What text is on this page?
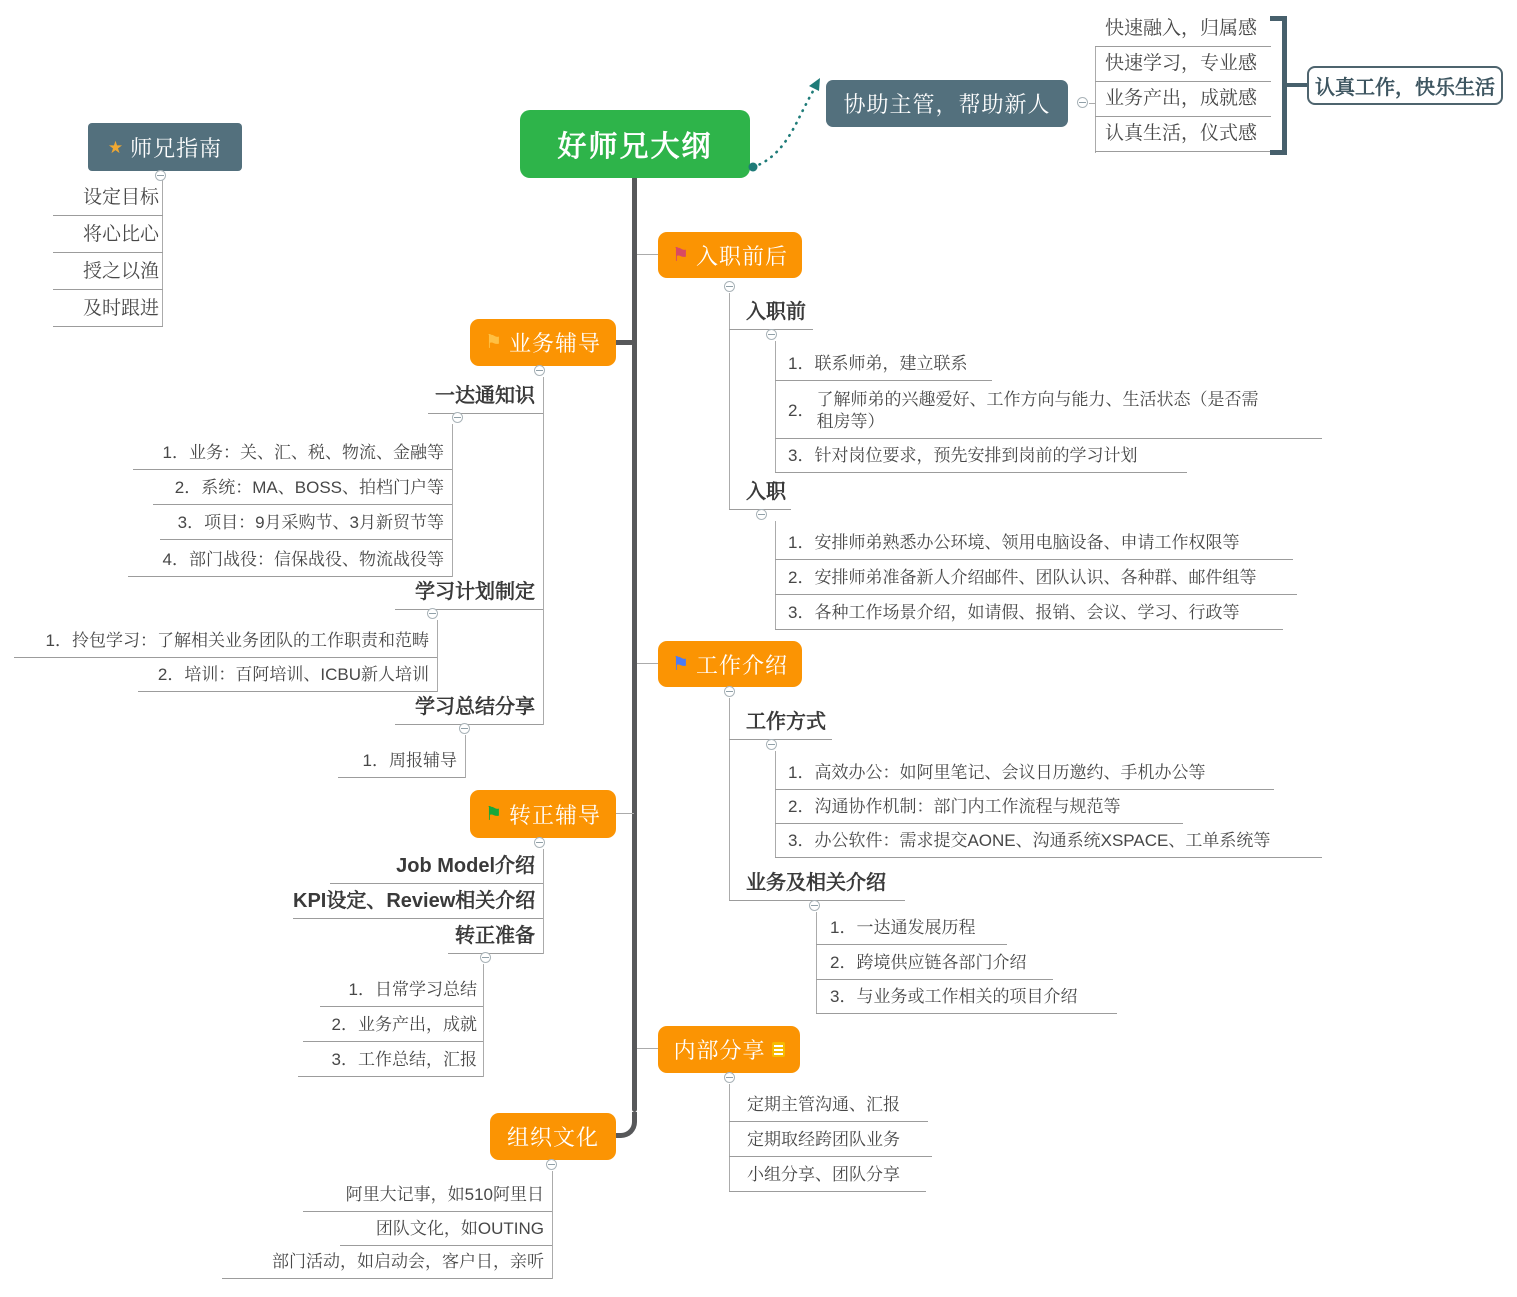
好师兄大纲
★ 师兄指南
设定目标
将心比心
授之以渔
及时跟进
协助主管，帮助新人
快速融入，归属感
快速学习，专业感
业务产出，成就感
认真生活，仪式感
认真工作，快乐生活
⚑ 入职前后
入职前
1．联系师弟，建立联系
2．
了解师弟的兴趣爱好、工作方向与能力、生活状态（是否需租房等）
3．针对岗位要求，预先安排到岗前的学习计划
入职
1．安排师弟熟悉办公环境、领用电脑设备、申请工作权限等
2．安排师弟准备新人介绍邮件、团队认识、各种群、邮件组等
3．各种工作场景介绍，如请假、报销、会议、学习、行政等
⚑ 业务辅导
一达通知识
1．业务：关、汇、税、物流、金融等
2．系统：MA、BOSS、拍档门户等
3．项目：9月采购节、3月新贸节等
4．部门战役：信保战役、物流战役等
学习计划制定
1．拎包学习：了解相关业务团队的工作职责和范畴
2．培训：百阿培训、ICBU新人培训
学习总结分享
1．周报辅导
⚑ 工作介绍
工作方式
1．高效办公：如阿里笔记、会议日历邀约、手机办公等
2．沟通协作机制：部门内工作流程与规范等
3．办公软件：需求提交AONE、沟通系统XSPACE、工单系统等
业务及相关介绍
1．一达通发展历程
2．跨境供应链各部门介绍
3．与业务或工作相关的项目介绍
⚑ 转正辅导
Job Model介绍
KPI设定、Review相关介绍
转正准备
1．日常学习总结
2．业务产出，成就
3．工作总结，汇报	内部分享
定期主管沟通、汇报
定期取经跨团队业务
小组分享、团队分享
组织文化
阿里大记事，如510阿里日
团队文化，如OUTING
部门活动，如启动会，客户日，亲听
